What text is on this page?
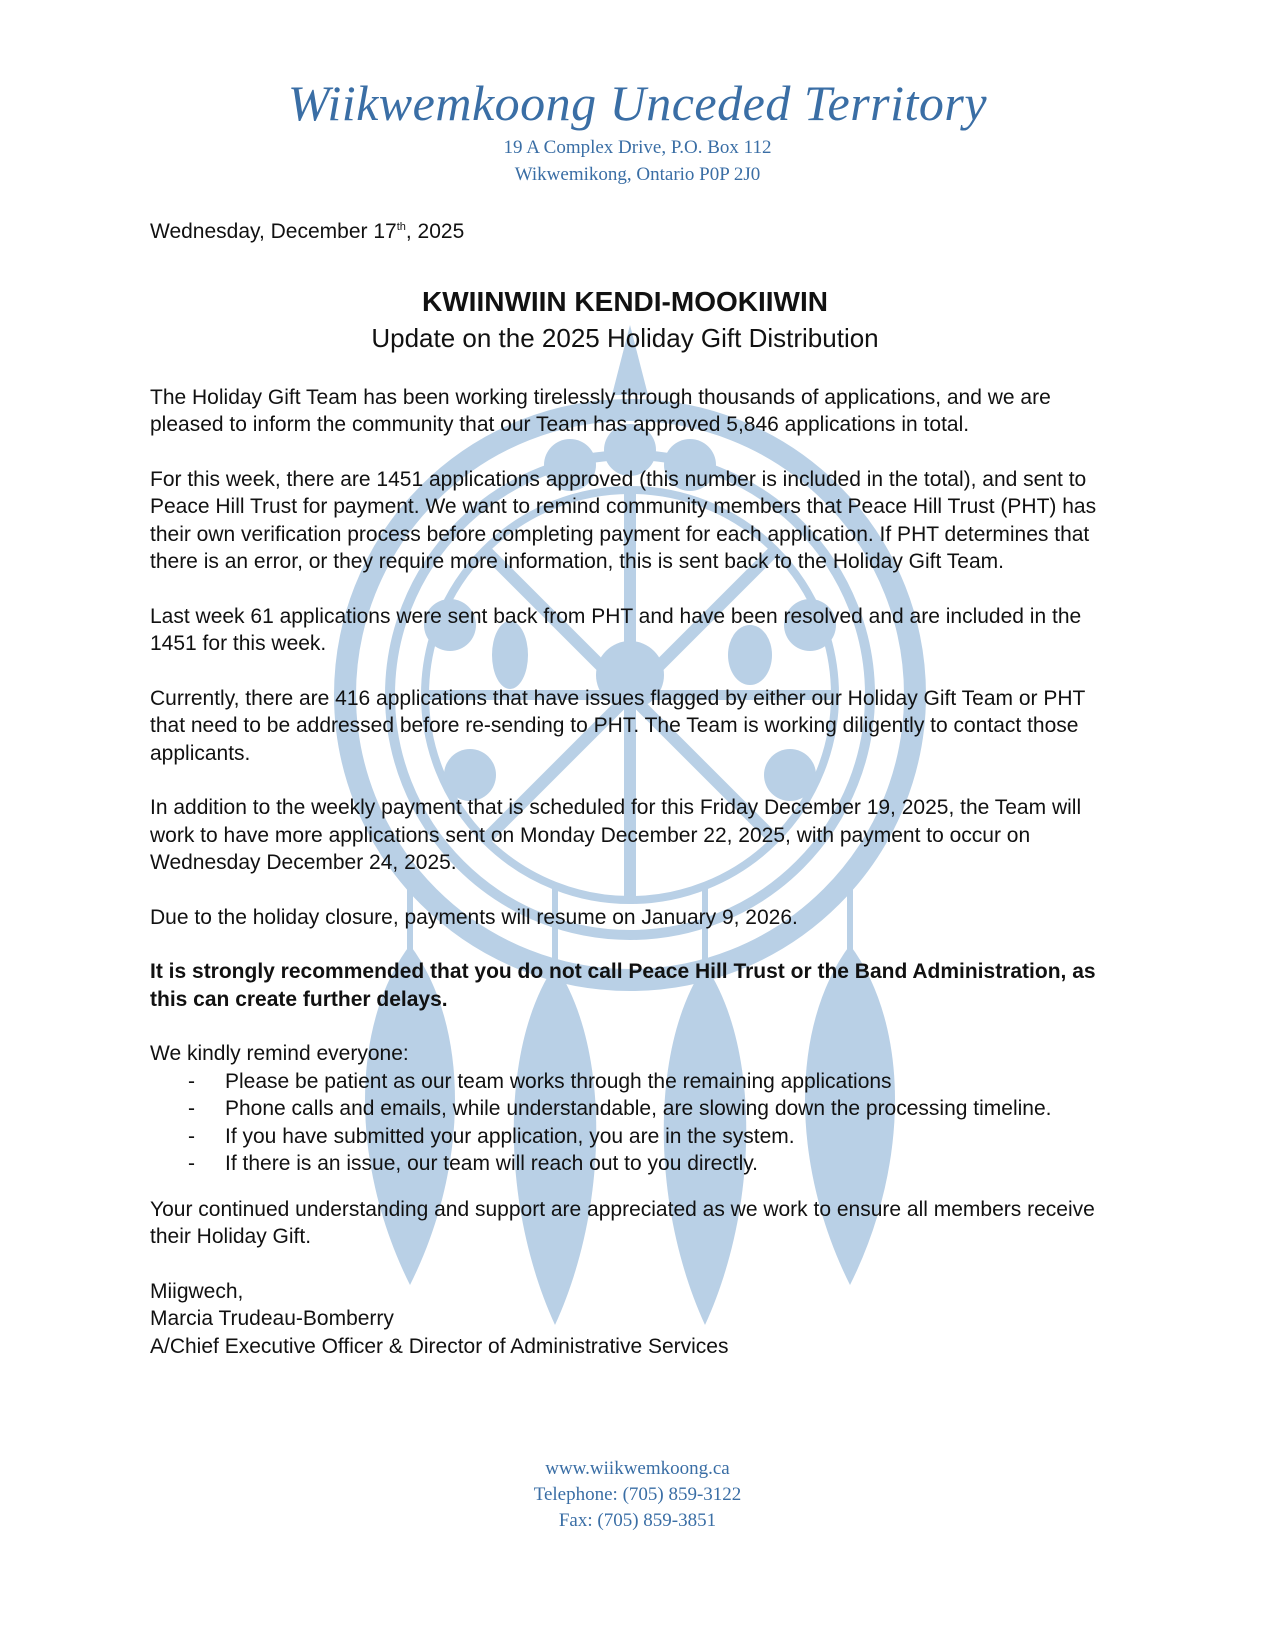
Wiikwemkoong Unceded Territory
19 A Complex Drive, P.O. Box 112
Wikwemikong, Ontario P0P 2J0
Wednesday, December 17th, 2025
KWIINWIIN KENDI-MOOKIIWIN
Update on the 2025 Holiday Gift Distribution

The Holiday Gift Team has been working tirelessly through thousands of applications, and we are pleased to inform the community that our Team has approved 5,846 applications in total.

For this week, there are 1451 applications approved (this number is included in the total), and sent to Peace Hill Trust for payment. We want to remind community members that Peace Hill Trust (PHT) has their own verification process before completing payment for each application. If PHT determines that there is an error, or they require more information, this is sent back to the Holiday Gift Team.

Last week 61 applications were sent back from PHT and have been resolved and are included in the 1451 for this week.

Currently, there are 416 applications that have issues flagged by either our Holiday Gift Team or PHT that need to be addressed before re-sending to PHT. The Team is working diligently to contact those applicants.

In addition to the weekly payment that is scheduled for this Friday December 19, 2025, the Team will work to have more applications sent on Monday December 22, 2025, with payment to occur on Wednesday December 24, 2025.

Due to the holiday closure, payments will resume on January 9, 2026.

It is strongly recommended that you do not call Peace Hill Trust or the Band Administration, as this can create further delays.

We kindly remind everyone:
- Please be patient as our team works through the remaining applications
- Phone calls and emails, while understandable, are slowing down the processing timeline.
- If you have submitted your application, you are in the system.
- If there is an issue, our team will reach out to you directly.

Your continued understanding and support are appreciated as we work to ensure all members receive their Holiday Gift.

Miigwech,
Marcia Trudeau-Bomberry
A/Chief Executive Officer & Director of Administrative Services
www.wiikwemkoong.ca
Telephone: (705) 859-3122
Fax: (705) 859-3851
